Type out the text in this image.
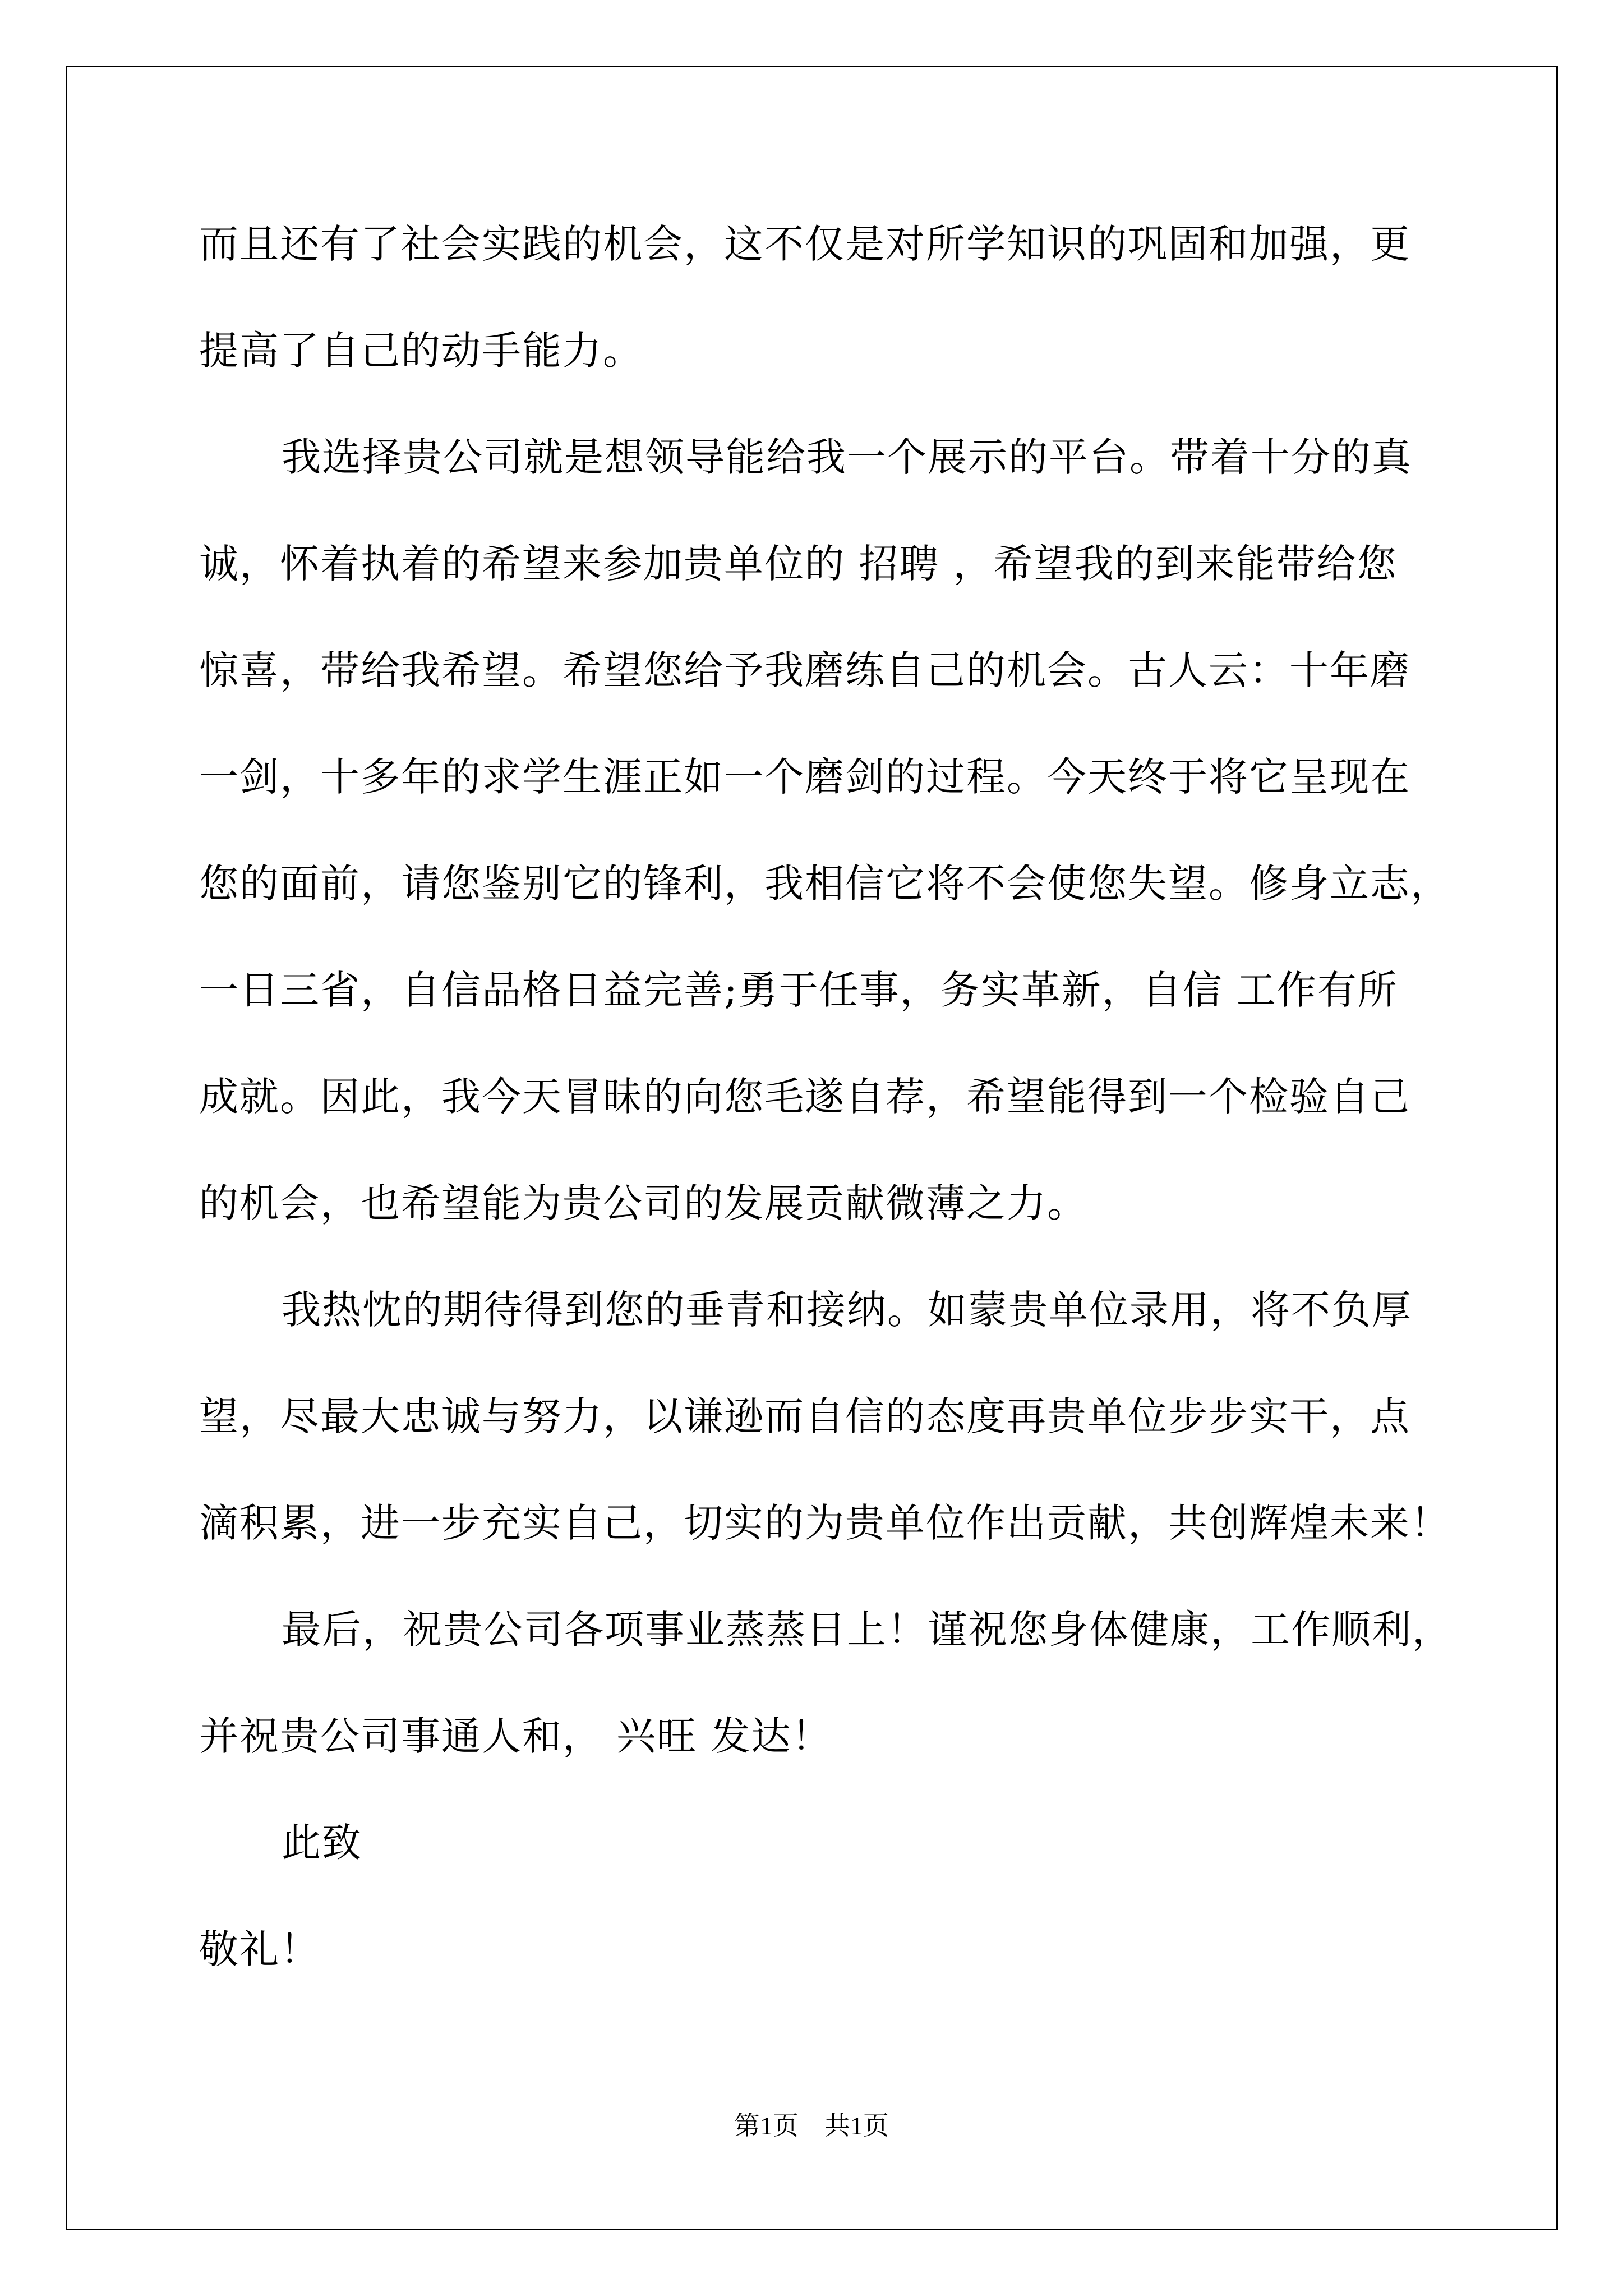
而且还有了社会实践的机会，这不仅是对所学知识的巩固和加强，更
提高了自己的动手能力。
我选择贵公司就是想领导能给我一个展示的平台。带着十分的真
诚，怀着执着的希望来参加贵单位的 招聘 ，希望我的到来能带给您
惊喜，带给我希望。希望您给予我磨练自己的机会。古人云：十年磨
一剑，十多年的求学生涯正如一个磨剑的过程。今天终于将它呈现在
您的面前，请您鉴别它的锋利，我相信它将不会使您失望。修身立志，
一日三省，自信品格日益完善;勇于任事，务实革新，自信 工作有所
成就。因此，我今天冒昧的向您毛遂自荐，希望能得到一个检验自己
的机会，也希望能为贵公司的发展贡献微薄之力。
我热忱的期待得到您的垂青和接纳。如蒙贵单位录用，将不负厚
望，尽最大忠诚与努力，以谦逊而自信的态度再贵单位步步实干，点
滴积累，进一步充实自己，切实的为贵单位作出贡献，共创辉煌未来！
最后，祝贵公司各项事业蒸蒸日上！谨祝您身体健康，工作顺利，
并祝贵公司事通人和， 兴旺 发达！
此致
敬礼！
第1页　共1页
